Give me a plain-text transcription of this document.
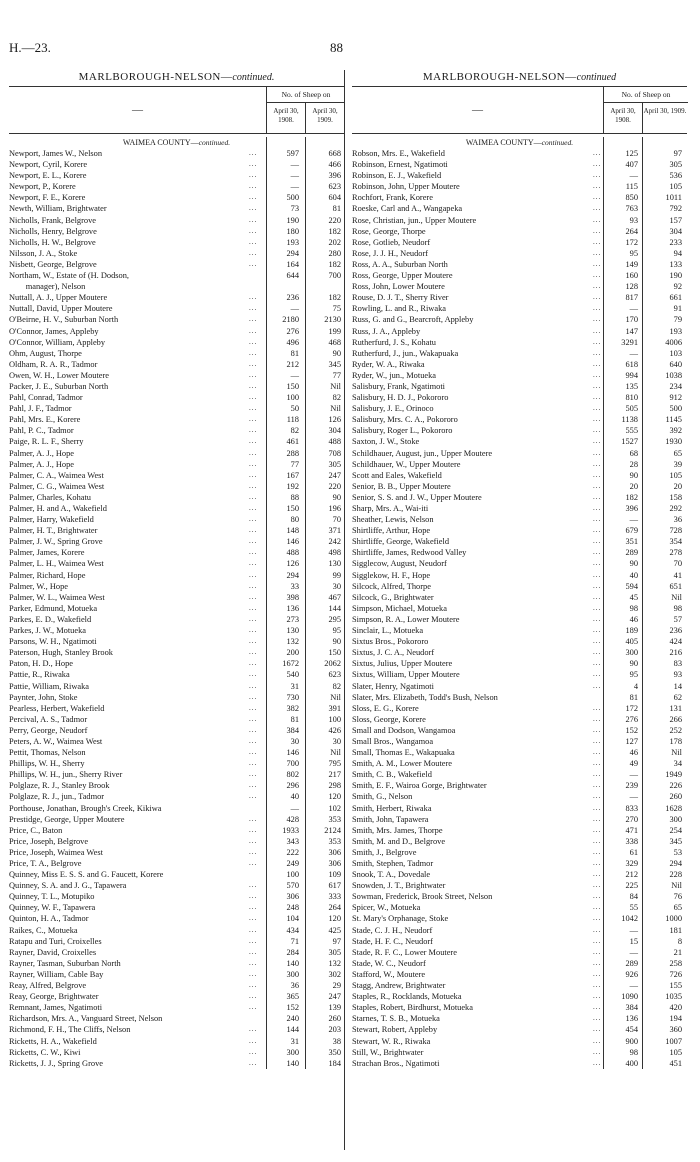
H.—23.	88
MARLBOROUGH-NELSON—continued.
—
No. of Sheep on
April 30, 1908.
April 30, 1909.
WAIMEA COUNTY—continued.
Newport, James W., Nelson	...	597	668
Newport, Cyril, Korere	...	—	466
Newport, E. L., Korere	...	—	396
Newport, P., Korere	...	—	623
Newport, F. E., Korere	...	500	604
Newth, William, Brightwater	...	73	81
Nicholls, Frank, Belgrove	...	190	220
Nicholls, Henry, Belgrove	...	180	182
Nicholls, H. W., Belgrove	...	193	202
Nilsson, J. A., Stoke	...	294	280
Nisbett, George, Belgrove	...	164	182
Northam, W., Estate of (H. Dodson,	644	700
manager), Nelson
Nuttall, A. J., Upper Moutere	...	236	182
Nuttall, David, Upper Moutere	...	—	75
O'Beirne, H. V., Suburban North	...	2180	2130
O'Connor, James, Appleby	...	276	199
O'Connor, William, Appleby	...	496	468
Ohm, August, Thorpe	...	81	90
Oldham, R. A. R., Tadmor	...	212	345
Owen, W. H., Lower Moutere	...	—	77
Packer, J. E., Suburban North	...	150	Nil
Pahl, Conrad, Tadmor	...	100	82
Pahl, J. F., Tadmor	...	50	Nil
Pahl, Mrs. E., Korere	...	118	126
Pahl, P. C., Tadmor	...	82	304
Paige, R. L. F., Sherry	...	461	488
Palmer, A. J., Hope	...	288	708
Palmer, A. J., Hope	...	77	305
Palmer, C. A., Waimea West	...	167	247
Palmer, C. G., Waimea West	...	192	220
Palmer, Charles, Kohatu	...	88	90
Palmer, H. and A., Wakefield	...	150	196
Palmer, Harry, Wakefield	...	80	70
Palmer, H. T., Brightwater	...	148	371
Palmer, J. W., Spring Grove	...	146	242
Palmer, James, Korere	...	488	498
Palmer, L. H., Waimea West	...	126	130
Palmer, Richard, Hope	...	294	99
Palmer, W., Hope	...	33	30
Palmer, W. L., Waimea West	...	398	467
Parker, Edmund, Motueka	...	136	144
Parkes, E. D., Wakefield	...	273	295
Parkes, J. W., Motueka	...	130	95
Parsons, W. H., Ngatimoti	...	132	90
Paterson, Hugh, Stanley Brook	...	200	150
Paton, H. D., Hope	...	1672	2062
Pattie, R., Riwaka	...	540	623
Pattie, William, Riwaka	...	31	82
Paynter, John, Stoke	...	730	Nil
Pearless, Herbert, Wakefield	...	382	391
Percival, A. S., Tadmor	...	81	100
Perry, George, Neudorf	...	384	426
Peters, A. W., Waimea West	...	30	30
Pettit, Thomas, Nelson	...	146	Nil
Phillips, W. H., Sherry	...	700	795
Phillips, W. H., jun., Sherry River	...	802	217
Polglaze, R. J., Stanley Brook	...	296	298
Polglaze, R. J., jun., Tadmor	...	40	120
Porthouse, Jonathan, Brough's Creek, Kikiwa	—	102
Prestidge, George, Upper Moutere	...	428	353
Price, C., Baton	...	1933	2124
Price, Joseph, Belgrove	...	343	353
Price, Joseph, Waimea West	...	222	306
Price, T. A., Belgrove	...	249	306
Quinney, Miss E. S. S. and G. Faucett, Korere	100	109
Quinney, S. A. and J. G., Tapawera	...	570	617
Quinney, T. L., Motupiko	...	306	333
Quinney, W. F., Tapawera	...	248	264
Quinton, H. A., Tadmor	...	104	120
Raikes, C., Motueka	...	434	425
Ratapu and Turi, Croixelles	...	71	97
Rayner, David, Croixelles	...	284	305
Rayner, Tasman, Suburban North	...	140	132
Rayner, William, Cable Bay	...	300	302
Reay, Alfred, Belgrove	...	36	29
Reay, George, Brightwater	...	365	247
Remnant, James, Ngatimoti	...	152	139
Richardson, Mrs. A., Vanguard Street, Nelson	240	260
Richmond, F. H., The Cliffs, Nelson	...	144	203
Ricketts, H. A., Wakefield	...	31	38
Ricketts, C. W., Kiwi	...	300	350
Ricketts, J. J., Spring Grove	...	140	184
MARLBOROUGH-NELSON—continued
—
No. of Sheep on
April 30, 1908.
April 30, 1909.
WAIMEA COUNTY—continued.
Robson, Mrs. E., Wakefield	...	125	97
Robinson, Ernest, Ngatimoti	...	407	305
Robinson, E. J., Wakefield	...	—	536
Robinson, John, Upper Moutere	...	115	105
Rochfort, Frank, Korere	...	850	1011
Roeske, Carl and A., Wangapeka	...	763	792
Rose, Christian, jun., Upper Moutere	...	93	157
Rose, George, Thorpe	...	264	304
Rose, Gotlieb, Neudorf	...	172	233
Rose, J. J. H., Neudorf	...	95	94
Ross, A. A., Suburban North	...	149	133
Ross, George, Upper Moutere	...	160	190
Ross, John, Lower Moutere	...	128	92
Rouse, D. J. T., Sherry River	...	817	661
Rowling, L. and R., Riwaka	...	—	91
Russ, G. and G., Bearcroft, Appleby	...	170	79
Russ, J. A., Appleby	...	147	193
Rutherfurd, J. S., Kohatu	...	3291	4006
Rutherfurd, J., jun., Wakapuaka	...	—	103
Ryder, W. A., Riwaka	...	618	640
Ryder, W., jun., Motueka	...	994	1038
Salisbury, Frank, Ngatimoti	...	135	234
Salisbury, H. D. J., Pokororo	...	810	912
Salisbury, J. E., Orinoco	...	505	500
Salisbury, Mrs. C. A., Pokororo	...	1138	1145
Salisbury, Roger L., Pokororo	...	555	392
Saxton, J. W., Stoke	...	1527	1930
Schildhauer, August, jun., Upper Moutere	...	68	65
Schildhauer, W., Upper Moutere	...	28	39
Scott and Eales, Wakefield	...	90	105
Senior, B. B., Upper Moutere	...	20	20
Senior, S. S. and J. W., Upper Moutere	...	182	158
Sharp, Mrs. A., Wai-iti	...	396	292
Sheather, Lewis, Nelson	...	—	36
Shirtliffe, Arthur, Hope	...	679	728
Shirtliffe, George, Wakefield	...	351	354
Shirtliffe, James, Redwood Valley	...	289	278
Sigglecow, August, Neudorf	...	90	70
Sigglekow, H. F., Hope	...	40	41
Silcock, Alfred, Thorpe	...	594	651
Silcock, G., Brightwater	...	45	Nil
Simpson, Michael, Motueka	...	98	98
Simpson, R. A., Lower Moutere	...	46	57
Sinclair, L., Motueka	...	189	236
Sixtus Bros., Pokororo	...	405	424
Sixtus, J. C. A., Neudorf	...	300	216
Sixtus, Julius, Upper Moutere	...	90	83
Sixtus, William, Upper Moutere	...	95	93
Slater, Henry, Ngatimoti	...	4	14
Slater, Mrs. Elizabeth, Todd's Bush, Nelson	81	62
Sloss, E. G., Korere	...	172	131
Sloss, George, Korere	...	276	266
Small and Dodson, Wangamoa	...	152	252
Small Bros., Wangamoa	...	127	178
Small, Thomas E., Wakapuaka	...	46	Nil
Smith, A. M., Lower Moutere	...	49	34
Smith, C. B., Wakefield	...	—	1949
Smith, E. F., Wairoa Gorge, Brightwater	...	239	226
Smith, G., Nelson	...	—	260
Smith, Herbert, Riwaka	...	833	1628
Smith, John, Tapawera	...	270	300
Smith, Mrs. James, Thorpe	...	471	254
Smith, M. and D., Belgrove	...	338	345
Smith, J., Belgrove	...	61	53
Smith, Stephen, Tadmor	...	329	294
Snook, T. A., Dovedale	...	212	228
Snowden, J. T., Brightwater	...	225	Nil
Sowman, Frederick, Brook Street, Nelson	...	84	76
Spicer, W., Motueka	...	55	65
St. Mary's Orphanage, Stoke	...	1042	1000
Stade, C. J. H., Neudorf	...	—	181
Stade, H. F. C., Neudorf	...	15	8
Stade, R. F. C., Lower Moutere	...	—	21
Stade, W. C., Neudorf	...	289	258
Stafford, W., Moutere	...	926	726
Stagg, Andrew, Brightwater	...	—	155
Staples, R., Rocklands, Motueka	...	1090	1035
Staples, Robert, Birdhurst, Motueka	...	384	420
Starnes, T. S. B., Motueka	...	136	194
Stewart, Robert, Appleby	...	454	360
Stewart, W. R., Riwaka	...	900	1007
Still, W., Brightwater	...	98	105
Strachan Bros., Ngatimoti	...	400	451
